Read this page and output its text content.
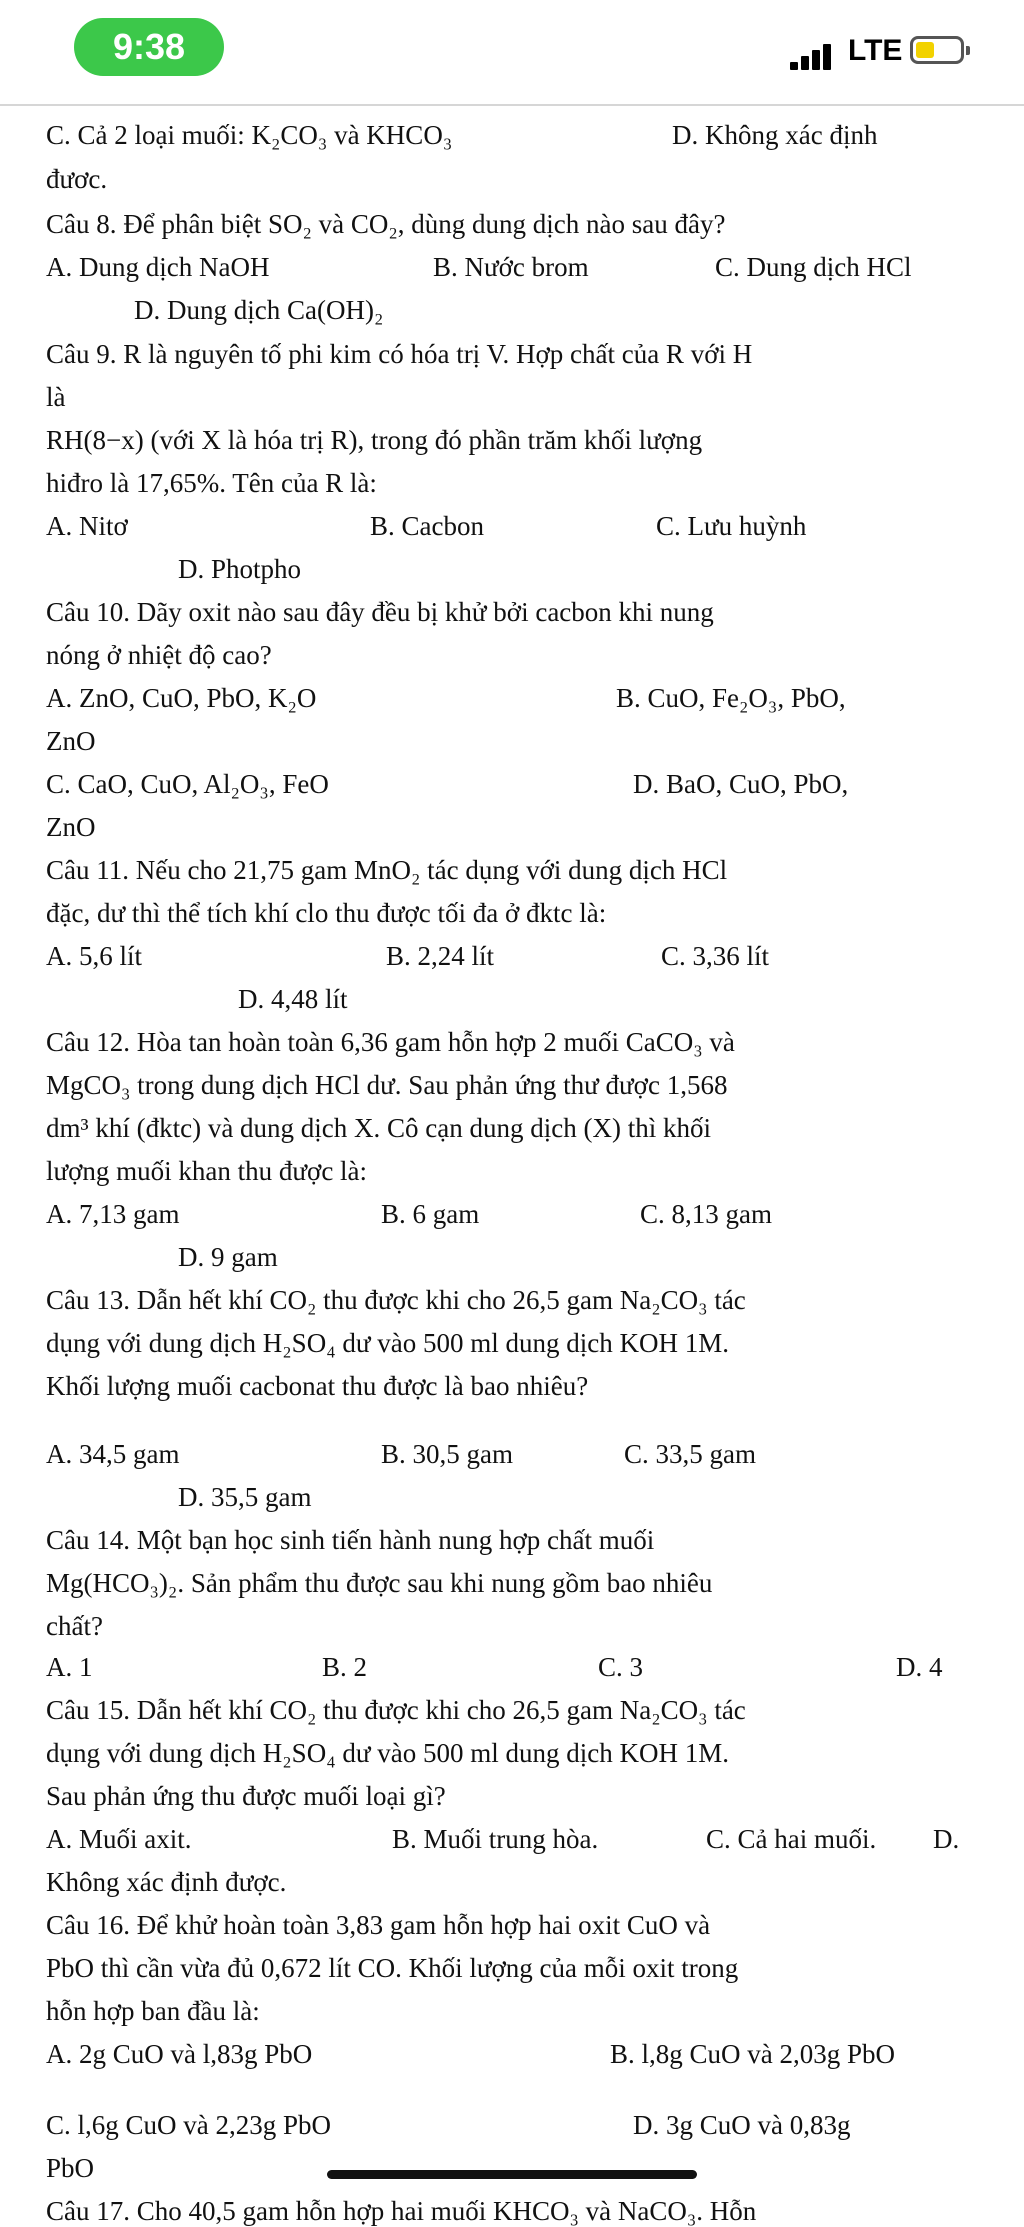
9:38	LTE
C. Cả 2 loại muối: K₂CO₃ và KHCO₃	D. Không xác định
đươc.
Câu 8. Để phân biệt SO₂ và CO₂, dùng dung dịch nào sau đây?
A. Dung dịch NaOH	B. Nước brom	C. Dung dịch HCl
D. Dung dịch Ca(OH)₂
Câu 9. R là nguyên tố phi kim có hóa trị V. Hợp chất của R với H
là
RH(8−x) (với X là hóa trị R), trong đó phần trăm khối lượng
hiđro là 17,65%. Tên của R là:
A. Nitơ	B. Cacbon	C. Lưu huỳnh
D. Photpho
Câu 10. Dãy oxit nào sau đây đều bị khử bởi cacbon khi nung
nóng ở nhiệt độ cao?
A. ZnO, CuO, PbO, K₂O	B. CuO, Fe₂O₃, PbO,
ZnO
C. CaO, CuO, Al₂O₃, FeO	D. BaO, CuO, PbO,
ZnO
Câu 11. Nếu cho 21,75 gam MnO₂ tác dụng với dung dịch HCl
đặc, dư thì thể tích khí clo thu được tối đa ở đktc là:
A. 5,6 lít	B. 2,24 lít	C. 3,36 lít
D. 4,48 lít
Câu 12. Hòa tan hoàn toàn 6,36 gam hỗn hợp 2 muối CaCO₃ và
MgCO₃ trong dung dịch HCl dư. Sau phản ứng thư được 1,568
dm³ khí (đktc) và dung dịch X. Cô cạn dung dịch (X) thì khối
lượng muối khan thu được là:
A. 7,13 gam	B. 6 gam	C. 8,13 gam
D. 9 gam
Câu 13. Dẫn hết khí CO₂ thu được khi cho 26,5 gam Na₂CO₃ tác
dụng với dung dịch H₂SO₄ dư vào 500 ml dung dịch KOH 1M.
Khối lượng muối cacbonat thu được là bao nhiêu?
A. 34,5 gam	B. 30,5 gam	C. 33,5 gam
D. 35,5 gam
Câu 14. Một bạn học sinh tiến hành nung hợp chất muối
Mg(HCO₃)₂. Sản phẩm thu được sau khi nung gồm bao nhiêu
chất?
A. 1	B. 2	C. 3	D. 4
Câu 15. Dẫn hết khí CO₂ thu được khi cho 26,5 gam Na₂CO₃ tác
dụng với dung dịch H₂SO₄ dư vào 500 ml dung dịch KOH 1M.
Sau phản ứng thu được muối loại gì?
A. Muối axit.	B. Muối trung hòa.	C. Cả hai muối. D.
Không xác định được.
Câu 16. Để khử hoàn toàn 3,83 gam hỗn hợp hai oxit CuO và
PbO thì cần vừa đủ 0,672 lít CO. Khối lượng của mỗi oxit trong
hỗn hợp ban đầu là:
A. 2g CuO và l,83g PbO	B. l,8g CuO và 2,03g PbO
C. l,6g CuO và 2,23g PbO	D. 3g CuO và 0,83g
PbO
Câu 17. Cho 40,5 gam hỗn hợp hai muối KHCO₃ và NaCO₃. Hỗn
